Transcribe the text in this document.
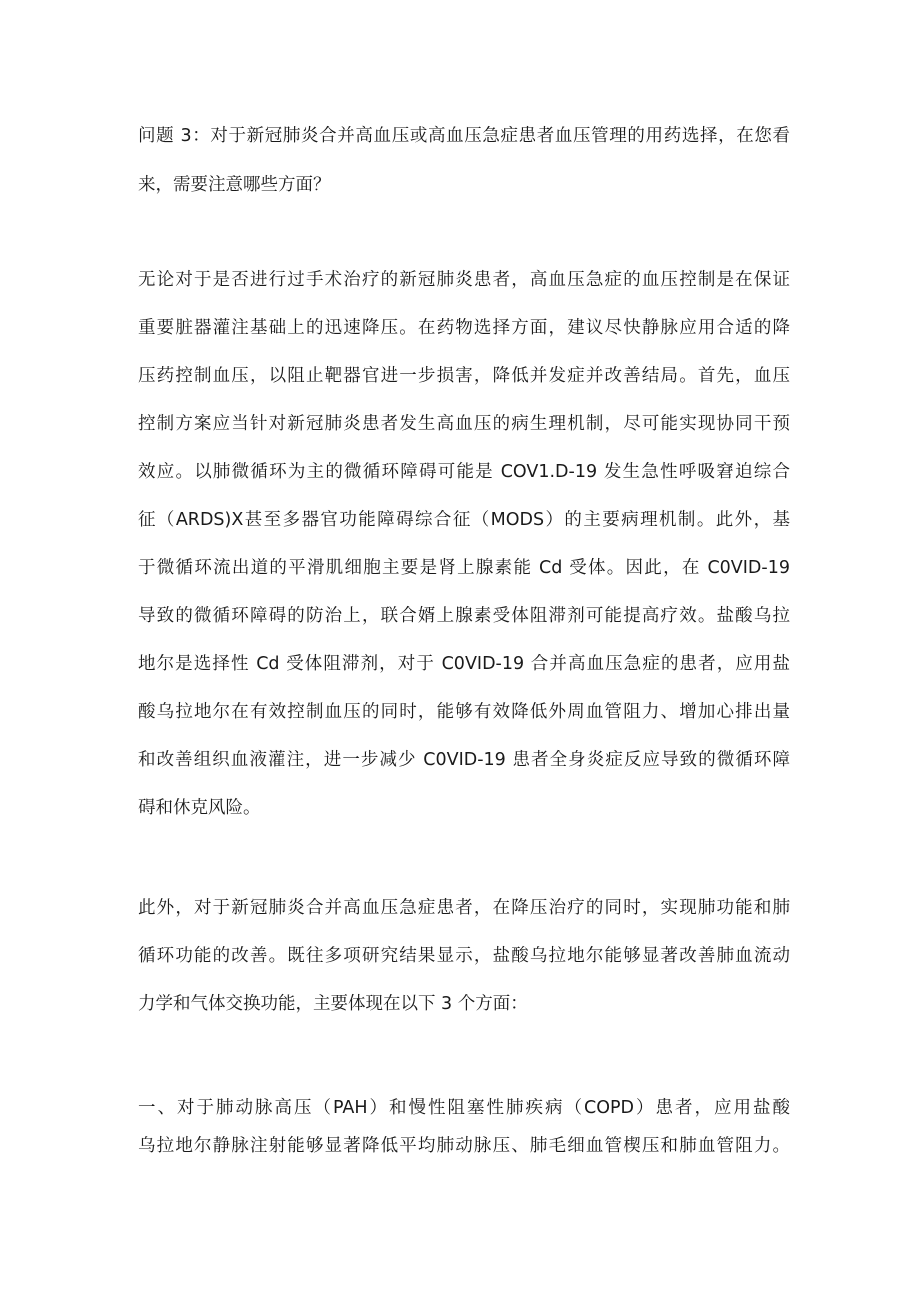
问题 3：对于新冠肺炎合并高血压或高血压急症患者血压管理的用药选择，在您看
来，需要注意哪些方面？
无论对于是否进行过手术治疗的新冠肺炎患者，高血压急症的血压控制是在保证
重要脏器灌注基础上的迅速降压。在药物选择方面，建议尽快静脉应用合适的降
压药控制血压，以阻止靶器官进一步损害，降低并发症并改善结局。首先，血压
控制方案应当针对新冠肺炎患者发生高血压的病生理机制，尽可能实现协同干预
效应。以肺微循环为主的微循环障碍可能是 COV1.D-19 发生急性呼吸窘迫综合
征（ARDS)X甚至多器官功能障碍综合征（MODS）的主要病理机制。此外，基
于微循环流出道的平滑肌细胞主要是肾上腺素能 Cd 受体。因此，在 C0VID-19
导致的微循环障碍的防治上，联合婿上腺素受体阻滞剂可能提高疗效。盐酸乌拉
地尔是选择性 Cd 受体阻滞剂，对于 C0VID-19 合并高血压急症的患者，应用盐
酸乌拉地尔在有效控制血压的同时，能够有效降低外周血管阻力、增加心排出量
和改善组织血液灌注，进一步减少 C0VID-19 患者全身炎症反应导致的微循环障
碍和休克风险。
此外，对于新冠肺炎合并高血压急症患者，在降压治疗的同时，实现肺功能和肺
循环功能的改善。既往多项研究结果显示，盐酸乌拉地尔能够显著改善肺血流动
力学和气体交换功能，主要体现在以下 3 个方面：
一、对于肺动脉高压（PAH）和慢性阻塞性肺疾病（COPD）患者，应用盐酸
乌拉地尔静脉注射能够显著降低平均肺动脉压、肺毛细血管楔压和肺血管阻力。
